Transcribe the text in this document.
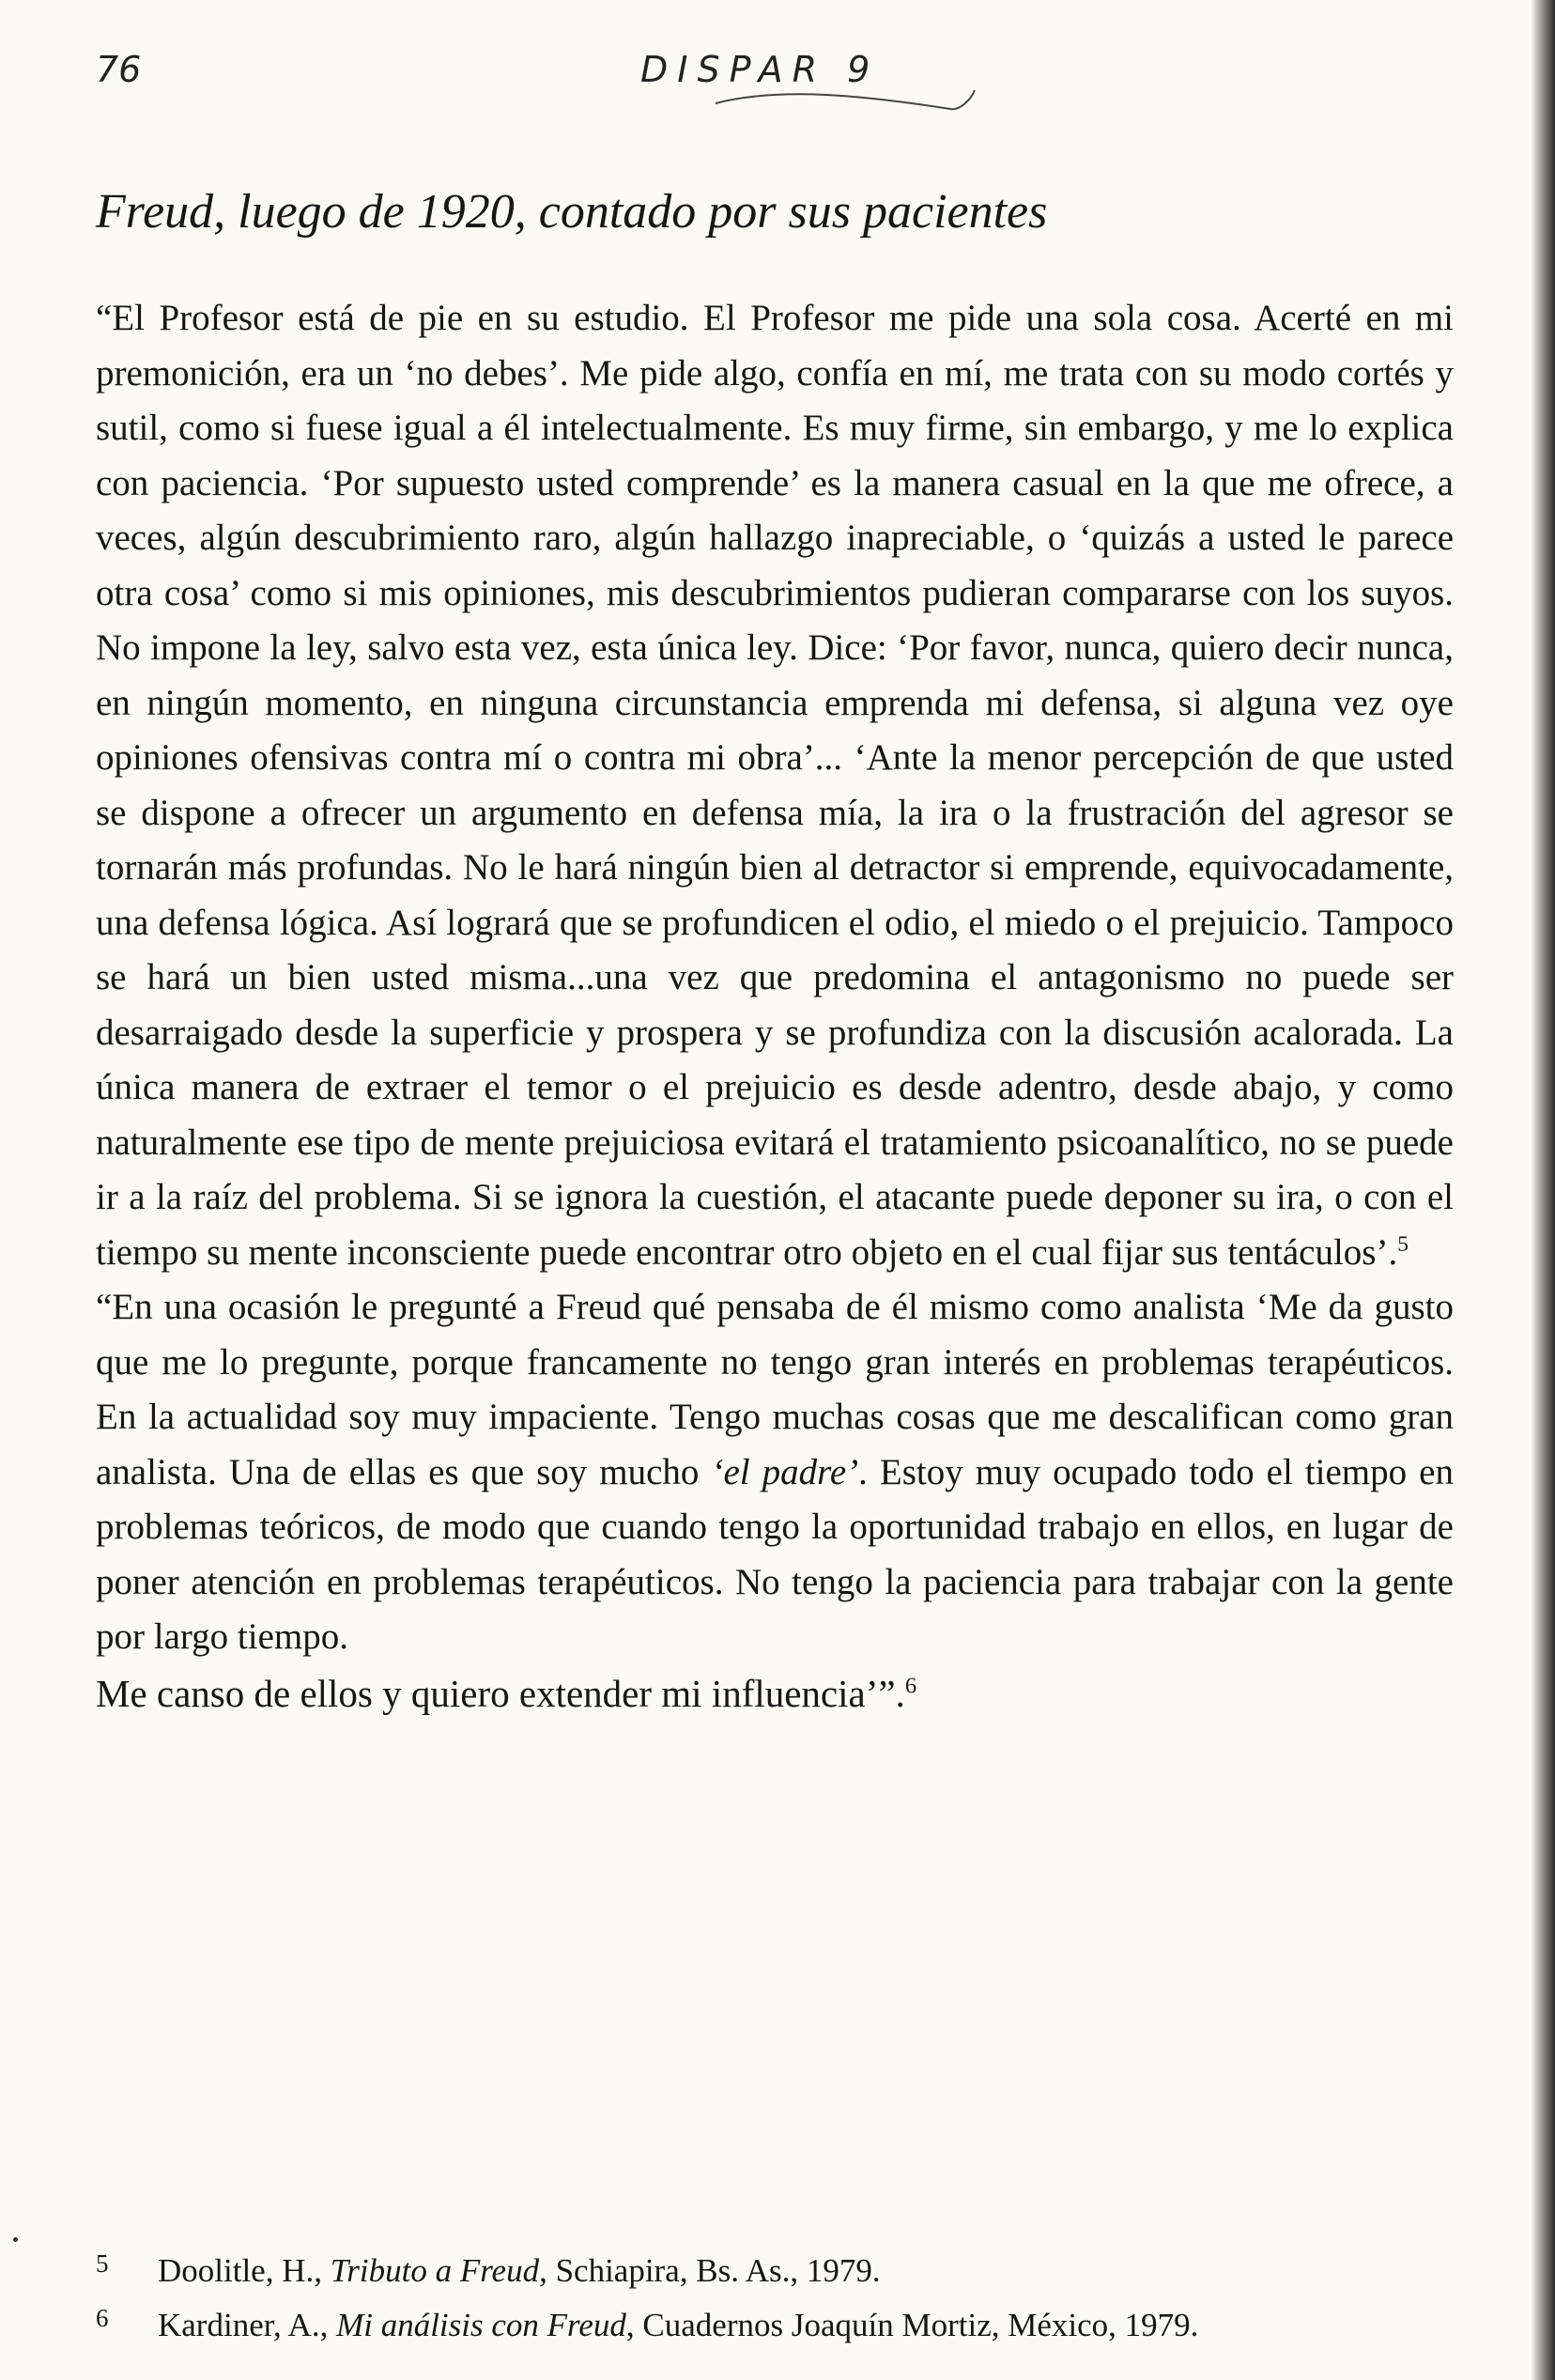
76	DISPAR 9
Freud, luego de 1920, contado por sus pacientes

“El Profesor está de pie en su estudio. El Profesor me pide una sola cosa. Acerté en mi premonición, era un ‘no debes’. Me pide algo, confía en mí, me trata con su modo cortés y sutil, como si fuese igual a él intelectualmente. Es muy firme, sin embargo, y me lo explica con paciencia. ‘Por supuesto usted comprende’ es la manera casual en la que me ofrece, a veces, algún descubrimiento raro, algún hallazgo inapreciable, o ‘quizás a usted le parece otra cosa’ como si mis opiniones, mis descubrimientos pudieran compararse con los suyos. No impone la ley, salvo esta vez, esta única ley. Dice: ‘Por favor, nunca, quiero decir nunca, en ningún momento, en ninguna circunstancia emprenda mi defensa, si alguna vez oye opiniones ofensivas contra mí o contra mi obra’... ‘Ante la menor percepción de que usted se dispone a ofrecer un argumento en defensa mía, la ira o la frustración del agresor se tornarán más profundas. No le hará ningún bien al detractor si emprende, equivocadamente, una defensa lógica. Así logrará que se profundicen el odio, el miedo o el prejuicio. Tampoco se hará un bien usted misma...una vez que predomina el antagonismo no puede ser desarraigado desde la superficie y prospera y se profundiza con la discusión acalorada. La única manera de extraer el temor o el prejuicio es desde adentro, desde abajo, y como naturalmente ese tipo de mente prejuiciosa evitará el tratamiento psicoanalítico, no se puede ir a la raíz del problema. Si se ignora la cuestión, el atacante puede deponer su ira, o con el tiempo su mente inconsciente puede encontrar otro objeto en el cual fijar sus tentáculos’.$^5$

“En una ocasión le pregunté a Freud qué pensaba de él mismo como analista ‘Me da gusto que me lo pregunte, porque francamente no tengo gran interés en problemas terapéuticos. En la actualidad soy muy impaciente. Tengo muchas cosas que me descalifican como gran analista. Una de ellas es que soy mucho ‘el padre’. Estoy muy ocupado todo el tiempo en problemas teóricos, de modo que cuando tengo la oportunidad trabajo en ellos, en lugar de poner atención en problemas terapéuticos. No tengo la paciencia para trabajar con la gente por largo tiempo.

Me canso de ellos y quiero extender mi influencia’”.$^6$

5	Doolitle, H., Tributo a Freud, Schiapira, Bs. As., 1979.
6	Kardiner, A., Mi análisis con Freud, Cuadernos Joaquín Mortiz, México, 1979.
